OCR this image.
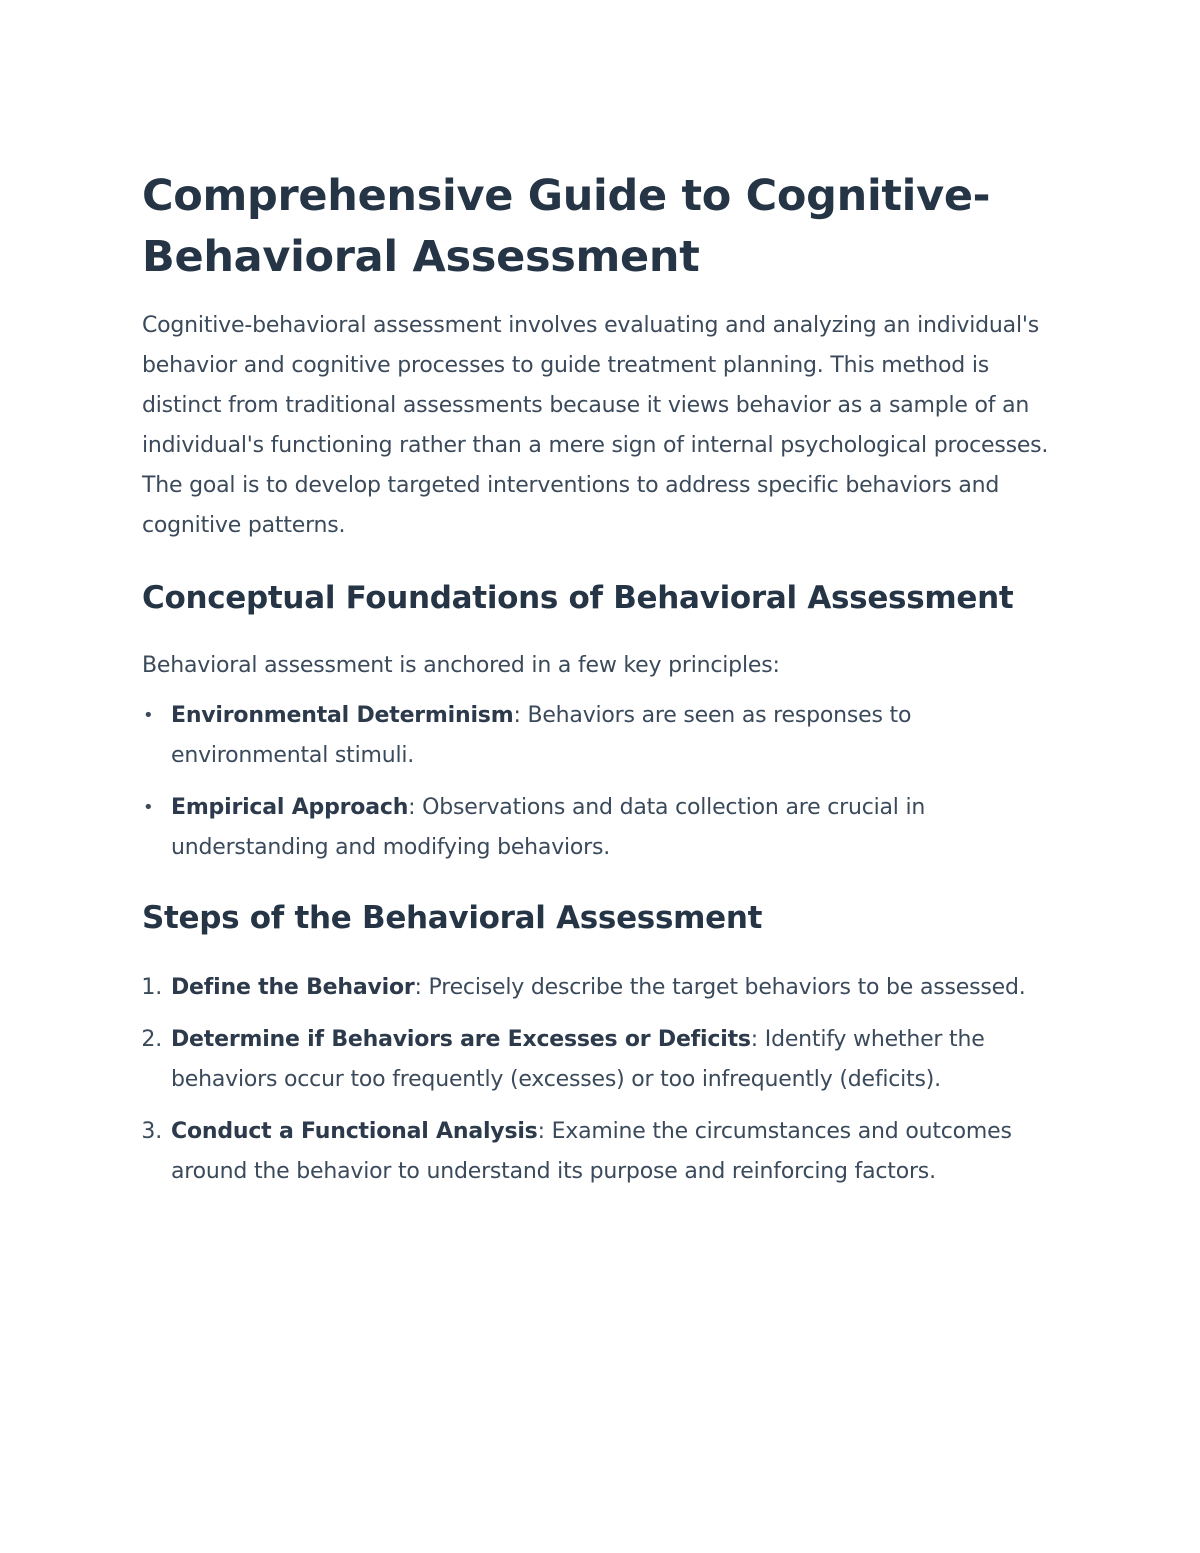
Comprehensive Guide to Cognitive-Behavioral Assessment

Cognitive-behavioral assessment involves evaluating and analyzing an individual's behavior and cognitive processes to guide treatment planning. This method is distinct from traditional assessments because it views behavior as a sample of an individual's functioning rather than a mere sign of internal psychological processes. The goal is to develop targeted interventions to address specific behaviors and cognitive patterns.

Conceptual Foundations of Behavioral Assessment

Behavioral assessment is anchored in a few key principles:

• Environmental Determinism: Behaviors are seen as responses to environmental stimuli.
• Empirical Approach: Observations and data collection are crucial in understanding and modifying behaviors.
Steps of the Behavioral Assessment
1. Define the Behavior: Precisely describe the target behaviors to be assessed.
2. Determine if Behaviors are Excesses or Deficits: Identify whether the behaviors occur too frequently (excesses) or too infrequently (deficits).
3. Conduct a Functional Analysis: Examine the circumstances and outcomes around the behavior to understand its purpose and reinforcing factors.
